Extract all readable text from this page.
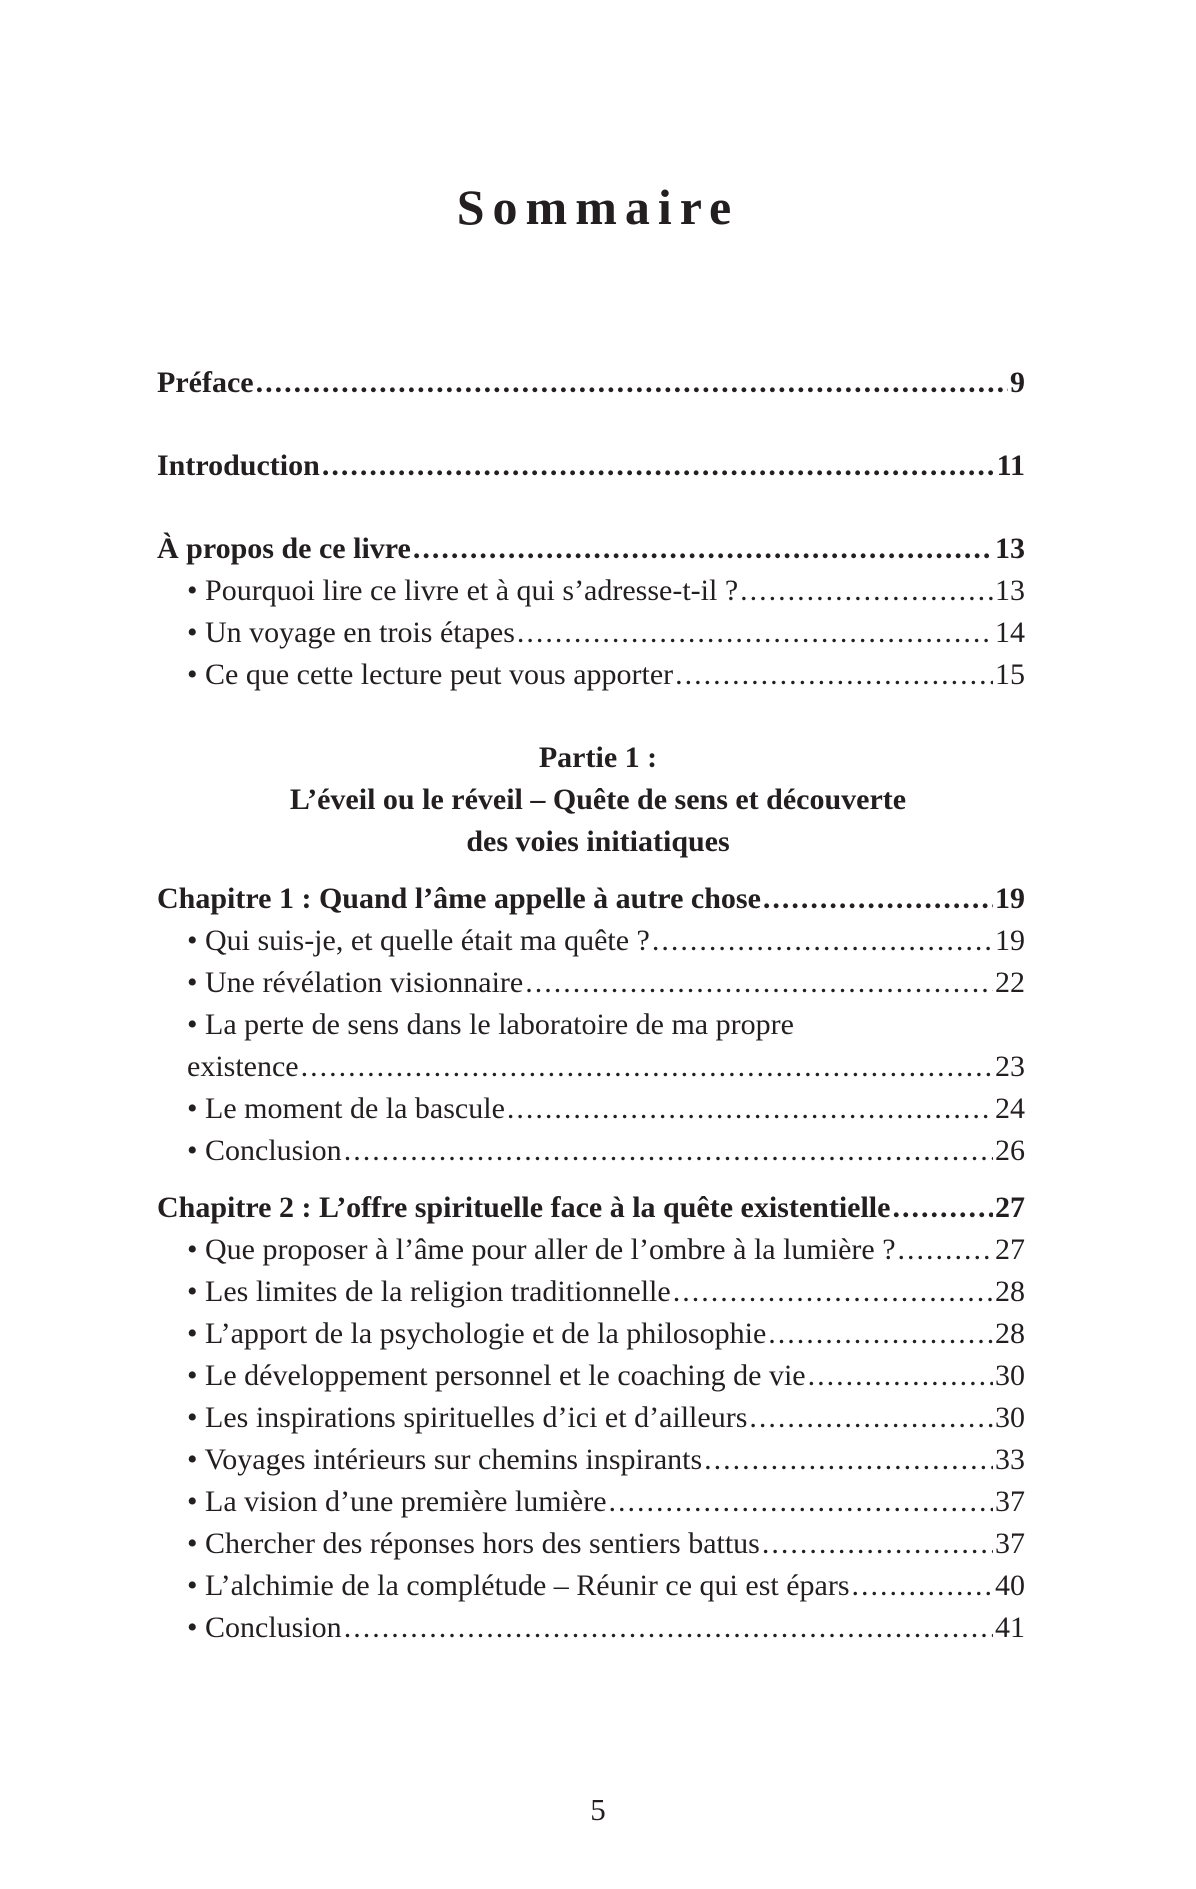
Sommaire
Préface .....	9
Introduction .....	11
À propos de ce livre .....	13
• Pourquoi lire ce livre et à qui s’adresse-t-il ? .....	13
• Un voyage en trois étapes .....	14
• Ce que cette lecture peut vous apporter .....	15
Chapitre 1 : Quand l’âme appelle à autre chose .....	19
• Qui suis-je, et quelle était ma quête ? .....	19
• Une révélation visionnaire .....	22
• La perte de sens dans le laboratoire de ma propre
existence .....	23
• Le moment de la bascule .....	24
• Conclusion .....	26
Chapitre 2 : L’offre spirituelle face à la quête existentielle .....	27
• Que proposer à l’âme pour aller de l’ombre à la lumière ? .....	27
• Les limites de la religion traditionnelle .....	28
• L’apport de la psychologie et de la philosophie .....	28
• Le développement personnel et le coaching de vie .....	30
• Les inspirations spirituelles d’ici et d’ailleurs .....	30
• Voyages intérieurs sur chemins inspirants .....	33
• La vision d’une première lumière .....	37
• Chercher des réponses hors des sentiers battus .....	37
• L’alchimie de la complétude – Réunir ce qui est épars .....	40
• Conclusion .....	41
Partie 1 :
L’éveil ou le réveil – Quête de sens et découverte
des voies initiatiques
5
